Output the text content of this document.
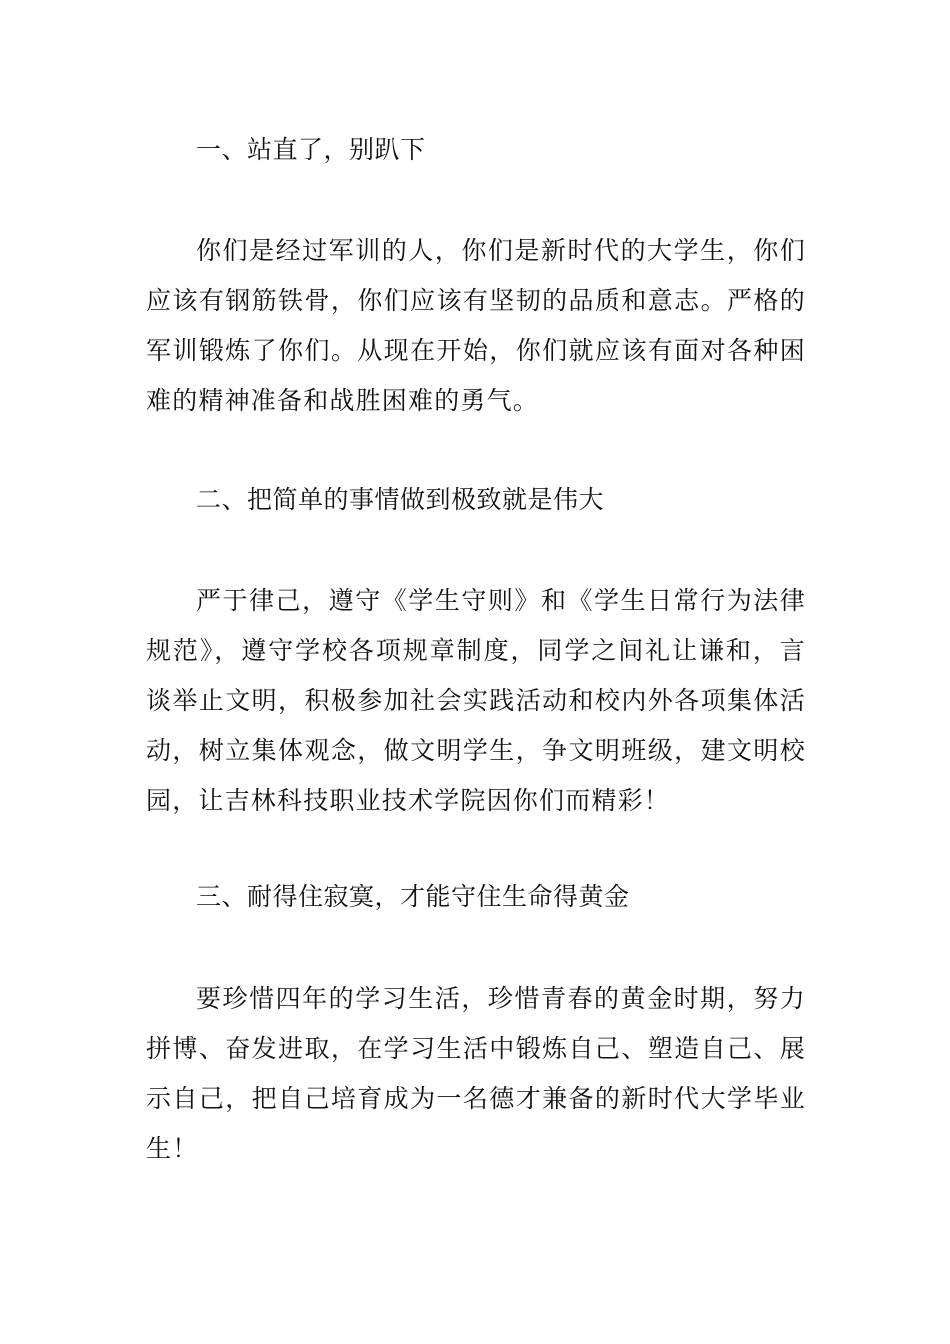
一、站直了，别趴下
你们是经过军训的人，你们是新时代的大学生，你们应该有钢筋铁骨，你们应该有坚韧的品质和意志。严格的军训锻炼了你们。从现在开始，你们就应该有面对各种困难的精神准备和战胜困难的勇气。
二、把简单的事情做到极致就是伟大
严于律己，遵守《学生守则》和《学生日常行为法律规范》，遵守学校各项规章制度，同学之间礼让谦和，言谈举止文明，积极参加社会实践活动和校内外各项集体活动，树立集体观念，做文明学生，争文明班级，建文明校园，让吉林科技职业技术学院因你们而精彩！
三、耐得住寂寞，才能守住生命得黄金
要珍惜四年的学习生活，珍惜青春的黄金时期，努力拼博、奋发进取，在学习生活中锻炼自己、塑造自己、展示自己，把自己培育成为一名德才兼备的新时代大学毕业生！
